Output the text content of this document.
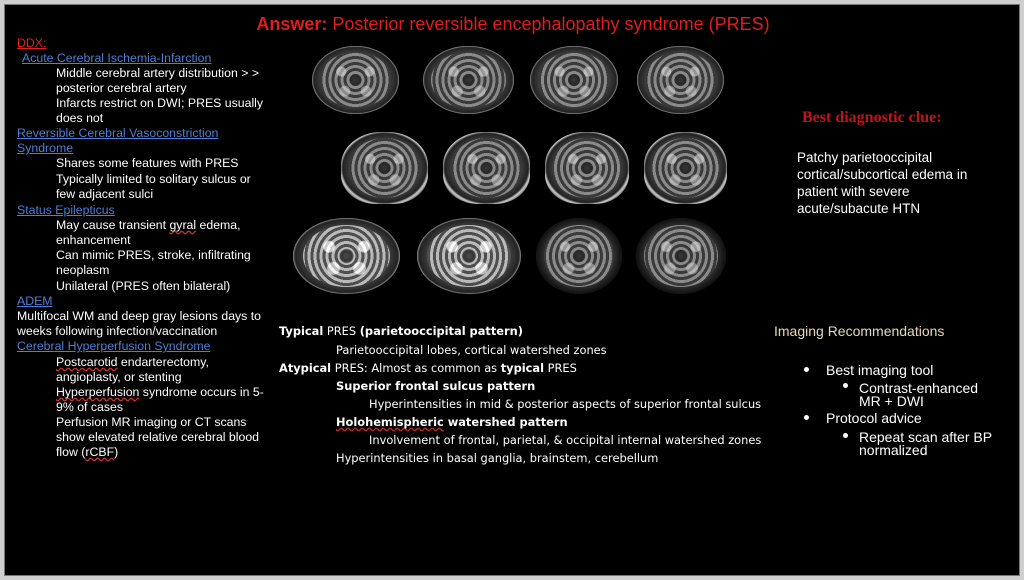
Answer: Posterior reversible encephalopathy syndrome (PRES)
DDX:
Acute Cerebral Ischemia-Infarction
Middle cerebral artery distribution > >
posterior cerebral artery
Infarcts restrict on DWI; PRES usually
does not
Reversible Cerebral Vasoconstriction
Syndrome
Shares some features with PRES
Typically limited to solitary sulcus or
few adjacent sulci
Status Epilepticus
May cause transient gyral edema,
enhancement
Can mimic PRES, stroke, infiltrating
neoplasm
Unilateral (PRES often bilateral)
ADEM
Multifocal WM and deep gray lesions days to
weeks following infection/vaccination
Cerebral Hyperperfusion Syndrome
Postcarotid endarterectomy,
angioplasty, or stenting
Hyperperfusion syndrome occurs in 5-
9% of cases
Perfusion MR imaging or CT scans
show elevated relative cerebral blood
flow (rCBF)
Best diagnostic clue:
Patchy parietooccipital
cortical/subcortical edema in
patient with severe
acute/subacute HTN
Typical PRES (parietooccipital pattern)
Parietooccipital lobes, cortical watershed zones
Atypical PRES: Almost as common as typical PRES
Superior frontal sulcus pattern
Hyperintensities in mid & posterior aspects of superior frontal sulcus
Holohemispheric watershed pattern
Involvement of frontal, parietal, & occipital internal watershed zones
Hyperintensities in basal ganglia, brainstem, cerebellum
Imaging Recommendations
Best imaging tool
Contrast-enhanced
MR + DWI
Protocol advice
Repeat scan after BP
normalized
